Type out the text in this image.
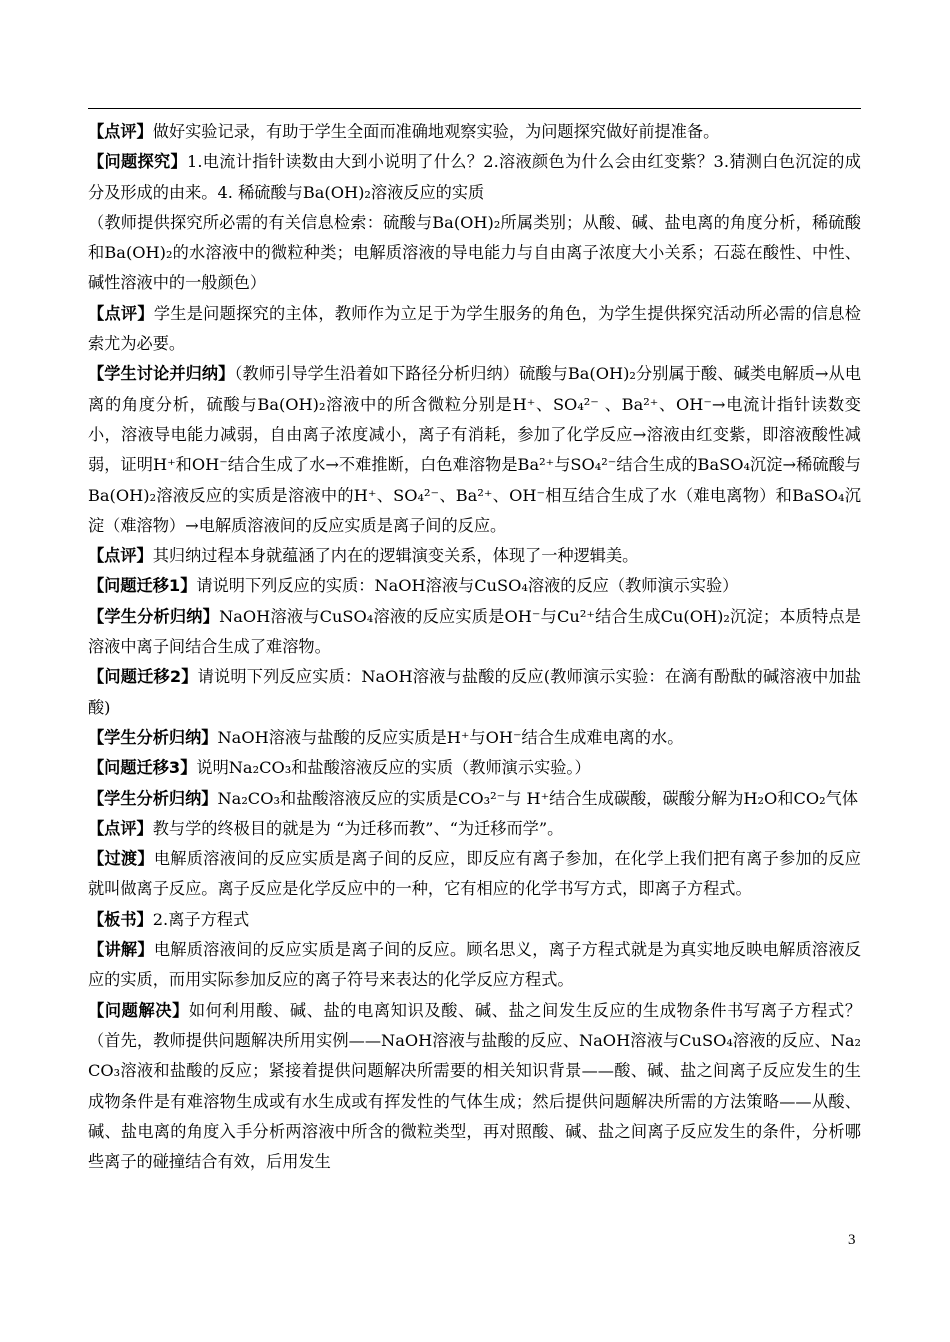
【点评】做好实验记录，有助于学生全面而准确地观察实验，为问题探究做好前提准备。

【问题探究】1.电流计指针读数由大到小说明了什么？2.溶液颜色为什么会由红变紫？3.猜测白色沉淀的成分及形成的由来。4. 稀硫酸与Ba(OH)₂溶液反应的实质

（教师提供探究所必需的有关信息检索：硫酸与Ba(OH)₂所属类别；从酸、碱、盐电离的角度分析，稀硫酸和Ba(OH)₂的水溶液中的微粒种类；电解质溶液的导电能力与自由离子浓度大小关系；石蕊在酸性、中性、碱性溶液中的一般颜色）

【点评】学生是问题探究的主体，教师作为立足于为学生服务的角色，为学生提供探究活动所必需的信息检索尤为必要。

【学生讨论并归纳】（教师引导学生沿着如下路径分析归纳）硫酸与Ba(OH)₂分别属于酸、碱类电解质→从电离的角度分析，硫酸与Ba(OH)₂溶液中的所含微粒分别是H⁺、SO₄²⁻ 、Ba²⁺、OH⁻→电流计指针读数变小，溶液导电能力减弱，自由离子浓度减小，离子有消耗，参加了化学反应→溶液由红变紫，即溶液酸性减弱，证明H⁺和OH⁻结合生成了水→不难推断，白色难溶物是Ba²⁺与SO₄²⁻结合生成的BaSO₄沉淀→稀硫酸与Ba(OH)₂溶液反应的实质是溶液中的H⁺、SO₄²⁻、Ba²⁺、OH⁻相互结合生成了水（难电离物）和BaSO₄沉淀（难溶物）→电解质溶液间的反应实质是离子间的反应。

【点评】其归纳过程本身就蕴涵了内在的逻辑演变关系，体现了一种逻辑美。

【问题迁移1】请说明下列反应的实质：NaOH溶液与CuSO₄溶液的反应（教师演示实验）

【学生分析归纳】NaOH溶液与CuSO₄溶液的反应实质是OH⁻与Cu²⁺结合生成Cu(OH)₂沉淀；本质特点是溶液中离子间结合生成了难溶物。

【问题迁移2】请说明下列反应实质：NaOH溶液与盐酸的反应(教师演示实验：在滴有酚酞的碱溶液中加盐酸)

【学生分析归纳】NaOH溶液与盐酸的反应实质是H⁺与OH⁻结合生成难电离的水。

【问题迁移3】说明Na₂CO₃和盐酸溶液反应的实质（教师演示实验。）

【学生分析归纳】Na₂CO₃和盐酸溶液反应的实质是CO₃²⁻与 H⁺结合生成碳酸，碳酸分解为H₂O和CO₂气体

【点评】教与学的终极目的就是为 “为迁移而教”、“为迁移而学”。

【过渡】电解质溶液间的反应实质是离子间的反应，即反应有离子参加，在化学上我们把有离子参加的反应就叫做离子反应。离子反应是化学反应中的一种，它有相应的化学书写方式，即离子方程式。

【板书】2.离子方程式

【讲解】电解质溶液间的反应实质是离子间的反应。顾名思义，离子方程式就是为真实地反映电解质溶液反应的实质，而用实际参加反应的离子符号来表达的化学反应方程式。

【问题解决】如何利用酸、碱、盐的电离知识及酸、碱、盐之间发生反应的生成物条件书写离子方程式？（首先，教师提供问题解决所用实例——NaOH溶液与盐酸的反应、NaOH溶液与CuSO₄溶液的反应、Na₂CO₃溶液和盐酸的反应；紧接着提供问题解决所需要的相关知识背景——酸、碱、盐之间离子反应发生的生成物条件是有难溶物生成或有水生成或有挥发性的气体生成；然后提供问题解决所需的方法策略——从酸、碱、盐电离的角度入手分析两溶液中所含的微粒类型，再对照酸、碱、盐之间离子反应发生的条件，分析哪些离子的碰撞结合有效，后用发生

3
